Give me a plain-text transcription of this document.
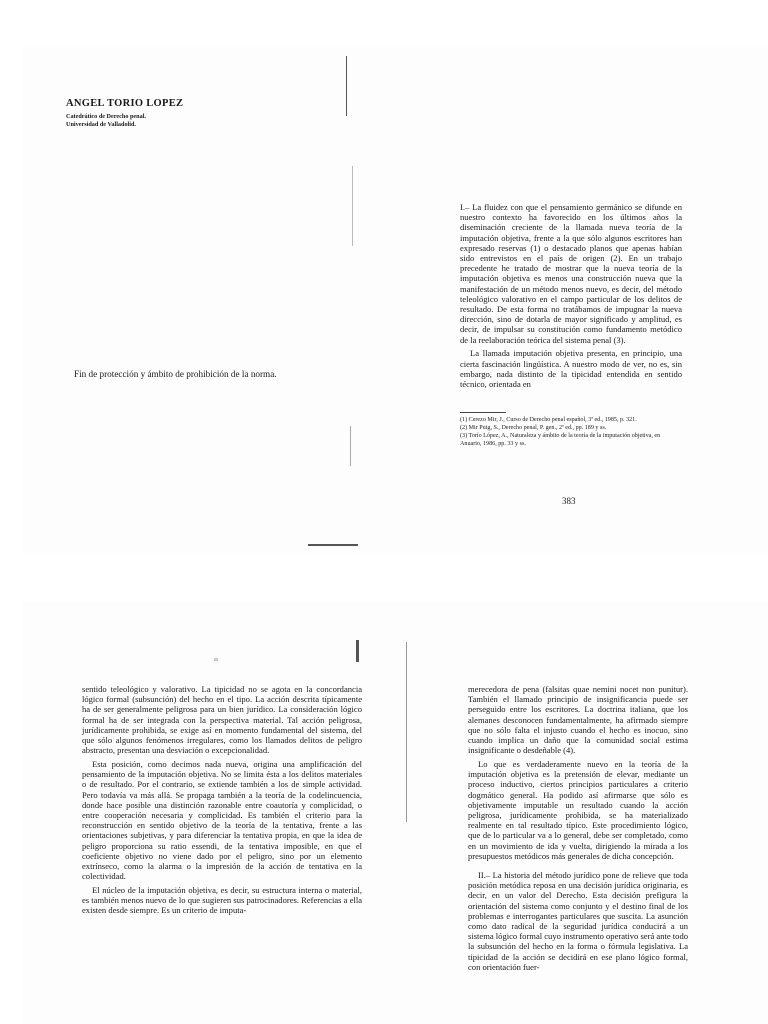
ANGEL TORIO LOPEZ
Catedrático de Derecho penal.
Universidad de Valladolid.
Fin de protección y ámbito de prohibición de la norma.

I.– La fluidez con que el pensamiento germánico se difunde en nuestro contexto ha favorecido en los últimos años la diseminación creciente de la llamada nueva teoría de la imputación objetiva, frente a la que sólo algunos escritores han expresado reservas (1) o destacado planos que apenas habían sido entrevistos en el país de origen (2). En un trabajo precedente he tratado de mostrar que la nueva teoría de la imputación objetiva es menos una construcción nueva que la manifestación de un método menos nuevo, es decir, del método teleológico valorativo en el campo particular de los delitos de resultado. De esta forma no tratábamos de impugnar la nueva dirección, sino de dotarla de mayor significado y amplitud, es decir, de impulsar su constitución como fundamento metódico de la reelaboración teórica del sistema penal (3).

La llamada imputación objetiva presenta, en principio, una cierta fascinación lingüística. A nuestro modo de ver, no es, sin embargo, nada distinto de la tipicidad entendida en sentido técnico, orientada en

(1) Cerezo Mir, J., Curso de Derecho penal español, 3ª ed., 1985, p. 321.
(2) Mir Puig, S., Derecho penal, P. gen., 2ª ed., pp. 189 y ss.
(3) Torío López, A., Naturaleza y ámbito de la teoría de la imputación objetiva, en Anuario, 1986, pp. 33 y ss.
383

sentido teleológico y valorativo. La tipicidad no se agota en la concordancia lógico formal (subsunción) del hecho en el tipo. La acción descrita típicamente ha de ser generalmente peligrosa para un bien jurídico. La consideración lógico formal ha de ser integrada con la perspectiva material. Tal acción peligrosa, jurídicamente prohibida, se exige así en momento fundamental del sistema, del que sólo algunos fenómenos irregulares, como los llamados delitos de peligro abstracto, presentan una desviación o excepcionalidad.

Esta posición, como decimos nada nueva, origina una amplificación del pensamiento de la imputación objetiva. No se limita ésta a los delitos materiales o de resultado. Por el contrario, se extiende también a los de simple actividad. Pero todavía va más allá. Se propaga también a la teoría de la codelincuencia, donde hace posible una distinción razonable entre coautoría y complicidad, o entre cooperación necesaria y complicidad. Es también el criterio para la reconstrucción en sentido objetivo de la teoría de la tentativa, frente a las orientaciones subjetivas, y para diferenciar la tentativa propia, en que la idea de peligro proporciona su ratio essendi, de la tentativa imposible, en que el coeficiente objetivo no viene dado por el peligro, sino por un elemento extrínseco, como la alarma o la impresión de la acción de tentativa en la colectividad.

El núcleo de la imputación objetiva, es decir, su estructura interna o material, es también menos nuevo de lo que sugieren sus patrocinadores. Referencias a ella existen desde siempre. Es un criterio de imputa-

merecedora de pena (falsitas quae nemini nocet non punitur). También el llamado principio de insignificancia puede ser perseguido entre los escritores. La doctrina italiana, que los alemanes desconocen fundamentalmente, ha afirmado siempre que no sólo falta el injusto cuando el hecho es inocuo, sino cuando implica un daño que la comunidad social estima insignificante o desdeñable (4).

Lo que es verdaderamente nuevo en la teoría de la imputación objetiva es la pretensión de elevar, mediante un proceso inductivo, ciertos principios particulares a criterio dogmático general. Ha podido así afirmarse que sólo es objetivamente imputable un resultado cuando la acción peligrosa, jurídicamente prohibida, se ha materializado realmente en tal resultado típico. Este procedimiento lógico, que de lo particular va a lo general, debe ser completado, como en un movimiento de ida y vuelta, dirigiendo la mirada a los presupuestos metódicos más generales de dicha concepción.

II.– La historia del método jurídico pone de relieve que toda posición metódica reposa en una decisión jurídica originaria, es decir, en un valor del Derecho. Esta decisión prefigura la orientación del sistema como conjunto y el destino final de los problemas e interrogantes particulares que suscita. La asunción como dato radical de la seguridad jurídica conducirá a un sistema lógico formal cuyo instrumento operativo será ante todo la subsunción del hecho en la forma o fórmula legislativa. La tipicidad de la acción se decidirá en ese plano lógico formal, con orientación fuer-
